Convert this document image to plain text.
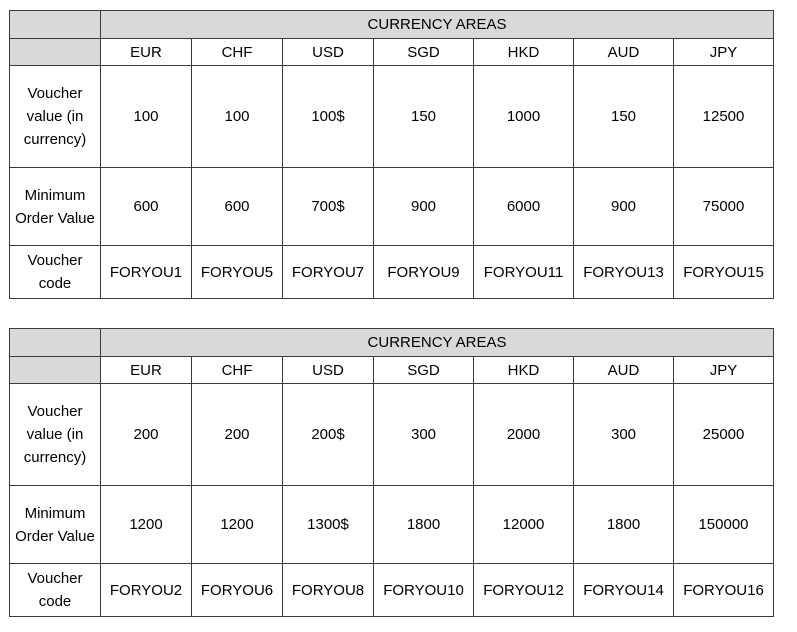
	CURRENCY AREAS						
	EUR	CHF	USD	SGD	HKD	AUD	JPY
Voucher value (in currency)	100	100	100$	150	1000	150	12500
Minimum Order Value	600	600	700$	900	6000	900	75000
Voucher code	FORYOU1	FORYOU5	FORYOU7	FORYOU9	FORYOU11	FORYOU13	FORYOU15
	CURRENCY AREAS						
	EUR	CHF	USD	SGD	HKD	AUD	JPY
Voucher value (in currency)	200	200	200$	300	2000	300	25000
Minimum Order Value	1200	1200	1300$	1800	12000	1800	150000
Voucher code	FORYOU2	FORYOU6	FORYOU8	FORYOU10	FORYOU12	FORYOU14	FORYOU16
